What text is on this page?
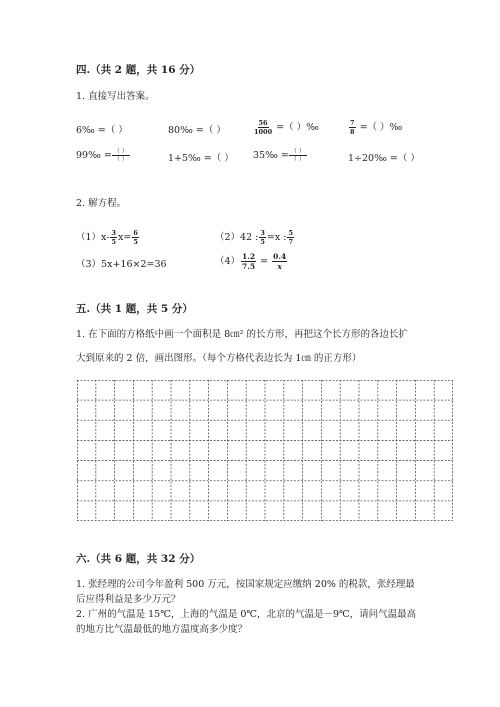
四.（共 2 题，共 16 分）
1. 直接写出答案。
6‰ =（ ）	80‰ =（ ）	$\frac{56}{1000}$ =（ ）‰	$\frac{7}{8}$ =（ ）‰
99‰ = $\frac{( )}{( )}$	1+5‰ =（ ） 35‰ = $\frac{( )}{( )}$	1÷20‰ =（ ）
2. 解方程。
$(1)x- \frac{3}{5} x= \frac{6}{5}$	（2）42 : $\frac{3}{5} =x$ : $\frac{5}{7}$
（3）5x+16×2=36	$(4) \frac{1.2}{7.5} = \frac{0.4}{x}$
五.（共 1 题，共 5 分）
1. 在下面的方格纸中画一个面积是 8㎝² 的长方形，再把这个长方形的各边长扩
大到原来的 2 倍，画出图形。（每个方格代表边长为 1㎝ 的正方形）
六.（共 6 题，共 32 分）
1. 张经理的公司今年盈利 500 万元，按国家规定应缴纳 20% 的税款，张经理最
后应得利益是多少万元？
2. 广州的气温是 15℃，上海的气温是 0℃，北京的气温是－9℃，请问气温最高
的地方比气温最低的地方温度高多少度？
